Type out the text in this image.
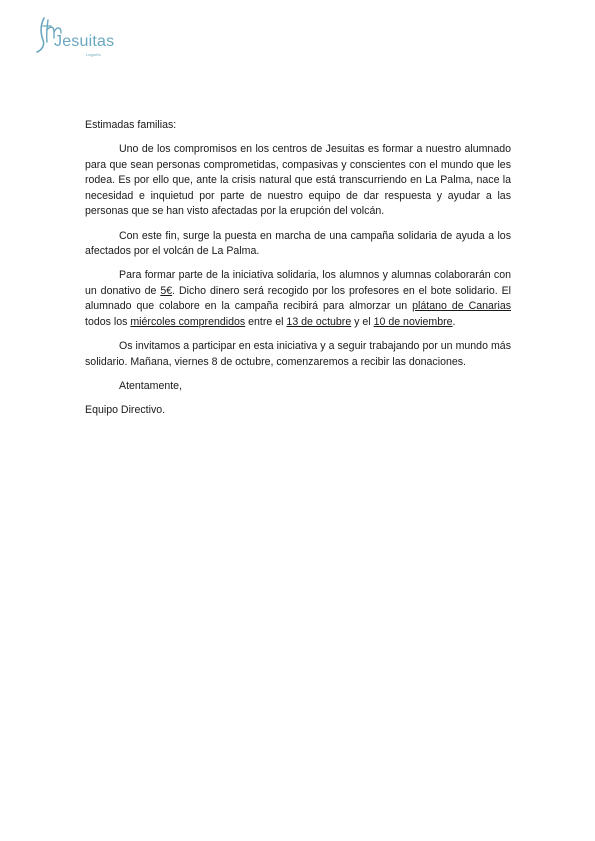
Jesuitas
Logroño

Estimadas familias:

Uno de los compromisos en los centros de Jesuitas es formar a nuestro alumnado para que sean personas comprometidas, compasivas y conscientes con el mundo que les rodea. Es por ello que, ante la crisis natural que está transcurriendo en La Palma, nace la necesidad e inquietud por parte de nuestro equipo de dar respuesta y ayudar a las personas que se han visto afectadas por la erupción del volcán.

Con este fin, surge la puesta en marcha de una campaña solidaria de ayuda a los afectados por el volcán de La Palma.

Para formar parte de la iniciativa solidaria, los alumnos y alumnas colaborarán con un donativo de 5€. Dicho dinero será recogido por los profesores en el bote solidario. El alumnado que colabore en la campaña recibirá para almorzar un plátano de Canarias todos los miércoles comprendidos entre el 13 de octubre y el 10 de noviembre.

Os invitamos a participar en esta iniciativa y a seguir trabajando por un mundo más solidario. Mañana, viernes 8 de octubre, comenzaremos a recibir las donaciones.

Atentamente,

Equipo Directivo.
